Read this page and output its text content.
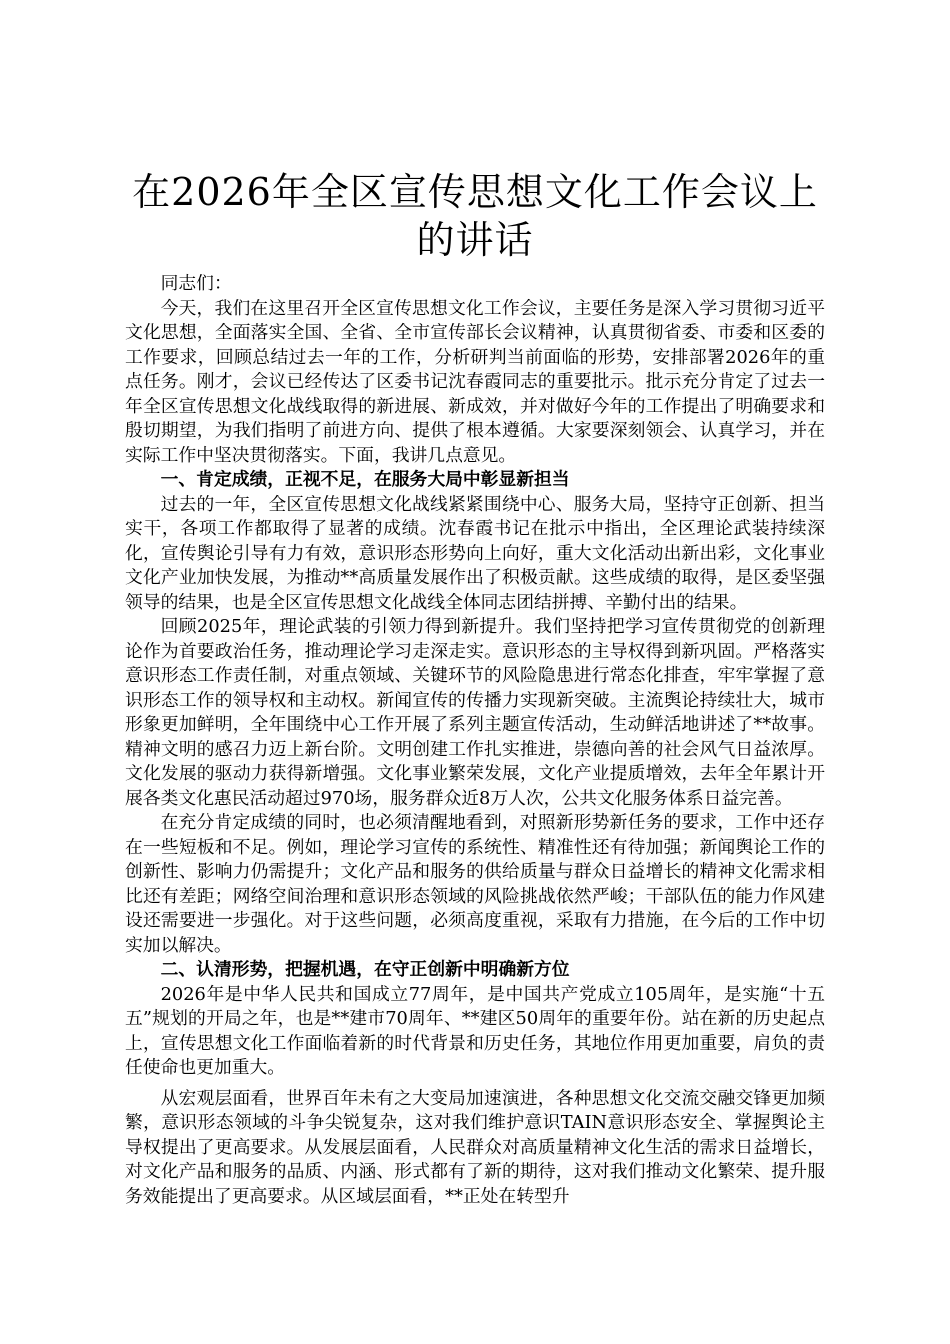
在2026年全区宣传思想文化工作会议上的讲话

同志们：

今天，我们在这里召开全区宣传思想文化工作会议，主要任务是深入学习贯彻习近平文化思想，全面落实全国、全省、全市宣传部长会议精神，认真贯彻省委、市委和区委的工作要求，回顾总结过去一年的工作，分析研判当前面临的形势，安排部署2026年的重点任务。刚才，会议已经传达了区委书记沈春霞同志的重要批示。批示充分肯定了过去一年全区宣传思想文化战线取得的新进展、新成效，并对做好今年的工作提出了明确要求和殷切期望，为我们指明了前进方向、提供了根本遵循。大家要深刻领会、认真学习，并在实际工作中坚决贯彻落实。下面，我讲几点意见。

一、肯定成绩，正视不足，在服务大局中彰显新担当

过去的一年，全区宣传思想文化战线紧紧围绕中心、服务大局，坚持守正创新、担当实干，各项工作都取得了显著的成绩。沈春霞书记在批示中指出，全区理论武装持续深化，宣传舆论引导有力有效，意识形态形势向上向好，重大文化活动出新出彩，文化事业文化产业加快发展，为推动**高质量发展作出了积极贡献。这些成绩的取得，是区委坚强领导的结果，也是全区宣传思想文化战线全体同志团结拼搏、辛勤付出的结果。

回顾2025年，理论武装的引领力得到新提升。我们坚持把学习宣传贯彻党的创新理论作为首要政治任务，推动理论学习走深走实。意识形态的主导权得到新巩固。严格落实意识形态工作责任制，对重点领域、关键环节的风险隐患进行常态化排查，牢牢掌握了意识形态工作的领导权和主动权。新闻宣传的传播力实现新突破。主流舆论持续壮大，城市形象更加鲜明，全年围绕中心工作开展了系列主题宣传活动，生动鲜活地讲述了**故事。精神文明的感召力迈上新台阶。文明创建工作扎实推进，崇德向善的社会风气日益浓厚。文化发展的驱动力获得新增强。文化事业繁荣发展，文化产业提质增效，去年全年累计开展各类文化惠民活动超过970场，服务群众近8万人次，公共文化服务体系日益完善。

在充分肯定成绩的同时，也必须清醒地看到，对照新形势新任务的要求，工作中还存在一些短板和不足。例如，理论学习宣传的系统性、精准性还有待加强；新闻舆论工作的创新性、影响力仍需提升；文化产品和服务的供给质量与群众日益增长的精神文化需求相比还有差距；网络空间治理和意识形态领域的风险挑战依然严峻；干部队伍的能力作风建设还需要进一步强化。对于这些问题，必须高度重视，采取有力措施，在今后的工作中切实加以解决。

二、认清形势，把握机遇，在守正创新中明确新方位

2026年是中华人民共和国成立77周年，是中国共产党成立105周年，是实施“十五五”规划的开局之年，也是**建市70周年、**建区50周年的重要年份。站在新的历史起点上，宣传思想文化工作面临着新的时代背景和历史任务，其地位作用更加重要，肩负的责任使命也更加重大。

从宏观层面看，世界百年未有之大变局加速演进，各种思想文化交流交融交锋更加频繁，意识形态领域的斗争尖锐复杂，这对我们维护意识TAIN意识形态安全、掌握舆论主导权提出了更高要求。从发展层面看，人民群众对高质量精神文化生活的需求日益增长，对文化产品和服务的品质、内涵、形式都有了新的期待，这对我们推动文化繁荣、提升服务效能提出了更高要求。从区域层面看，**正处在转型升
